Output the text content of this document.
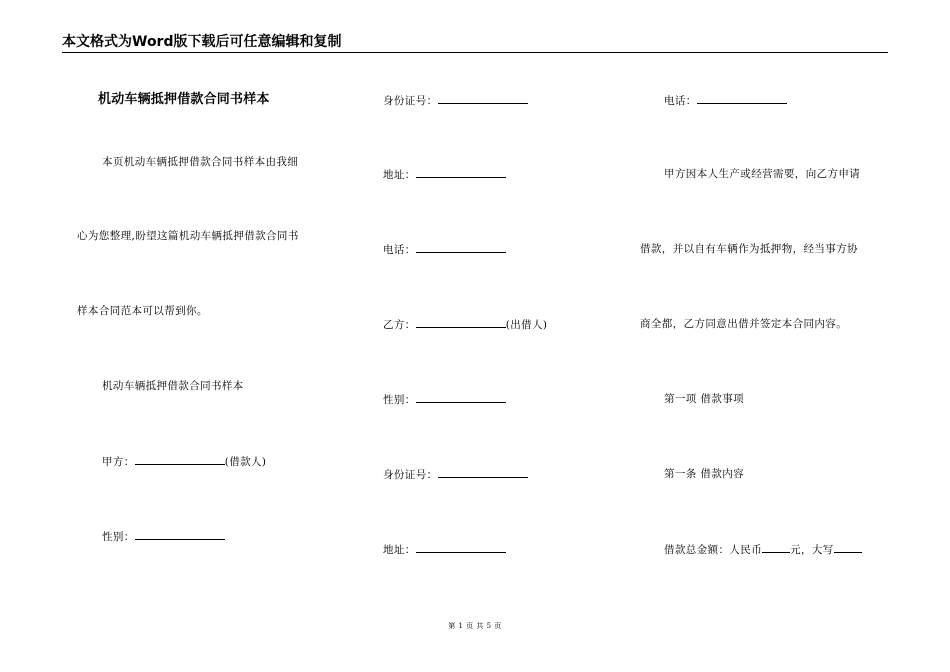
本文格式为Word版下载后可任意编辑和复制
机动车辆抵押借款合同书样本
本页机动车辆抵押借款合同书样本由我细
心为您整理,盼望这篇机动车辆抵押借款合同书
样本合同范本可以帮到你。
机动车辆抵押借款合同书样本
甲方：	(借款人)
性别：
身份证号：
地址：
电话：
乙方：	(出借人)
性别：
身份证号：
地址：
电话：
甲方因本人生产或经营需要，向乙方申请
借款，并以自有车辆作为抵押物，经当事方协
商全都，乙方同意出借并签定本合同内容。
第一项 借款事项
第一条 借款内容
借款总金额：人民币	元，大写
第 1 页 共 5 页
